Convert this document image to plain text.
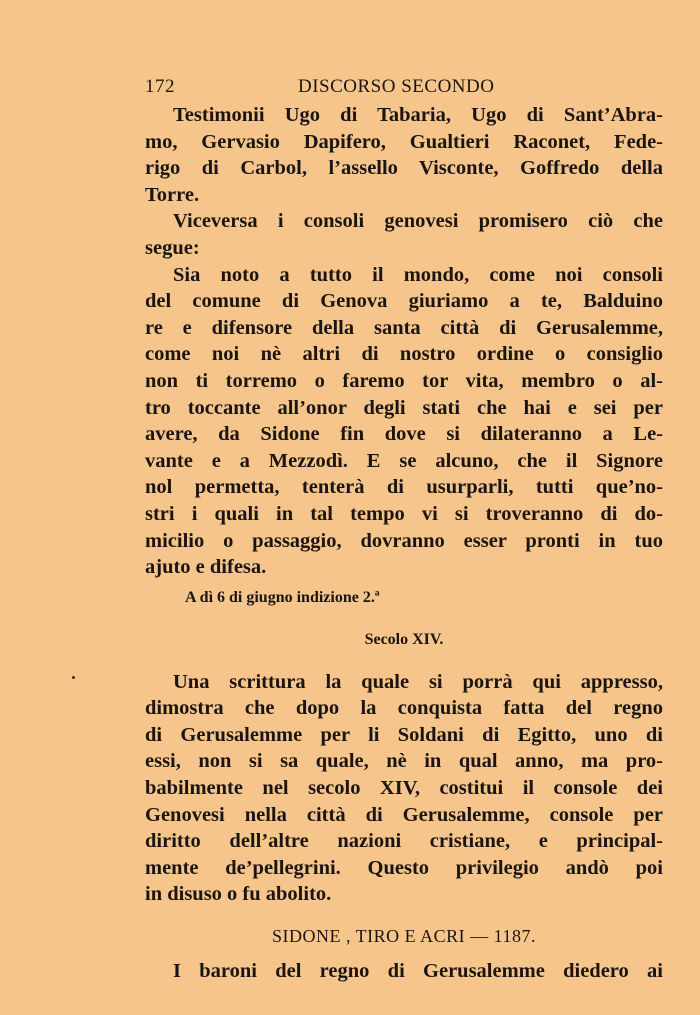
172	DISCORSO SECONDO

Testimonii Ugo di Tabaria, Ugo di Sant’Abra-
mo, Gervasio Dapifero, Gualtieri Raconet, Fede-
rigo di Carbol, l’assello Visconte, Goffredo della
Torre.

Viceversa i consoli genovesi promisero ciò che
segue:

Sia noto a tutto il mondo, come noi consoli
del comune di Genova giuriamo a te, Balduino
re e difensore della santa città di Gerusalemme,
come noi nè altri di nostro ordine o consiglio
non ti torremo o faremo tor vita, membro o al-
tro toccante all’onor degli stati che hai e sei per
avere, da Sidone fin dove si dilateranno a Le-
vante e a Mezzodì. E se alcuno, che il Signore
nol permetta, tenterà di usurparli, tutti que’no-
stri i quali in tal tempo vi si troveranno di do-
micilio o passaggio, dovranno esser pronti in tuo
ajuto e difesa.

A dì 6 di giugno indizione 2.ª
Secolo XIV.

Una scrittura la quale si porrà qui appresso,
dimostra che dopo la conquista fatta del regno
di Gerusalemme per li Soldani di Egitto, uno di
essi, non si sa quale, nè in qual anno, ma pro-
babilmente nel secolo XIV, costitui il console dei
Genovesi nella città di Gerusalemme, console per
diritto dell’altre nazioni cristiane, e principal-
mente de’pellegrini. Questo privilegio andò poi
in disuso o fu abolito.

SIDONE , TIRO E ACRI — 1187.

I baroni del regno di Gerusalemme diedero ai
